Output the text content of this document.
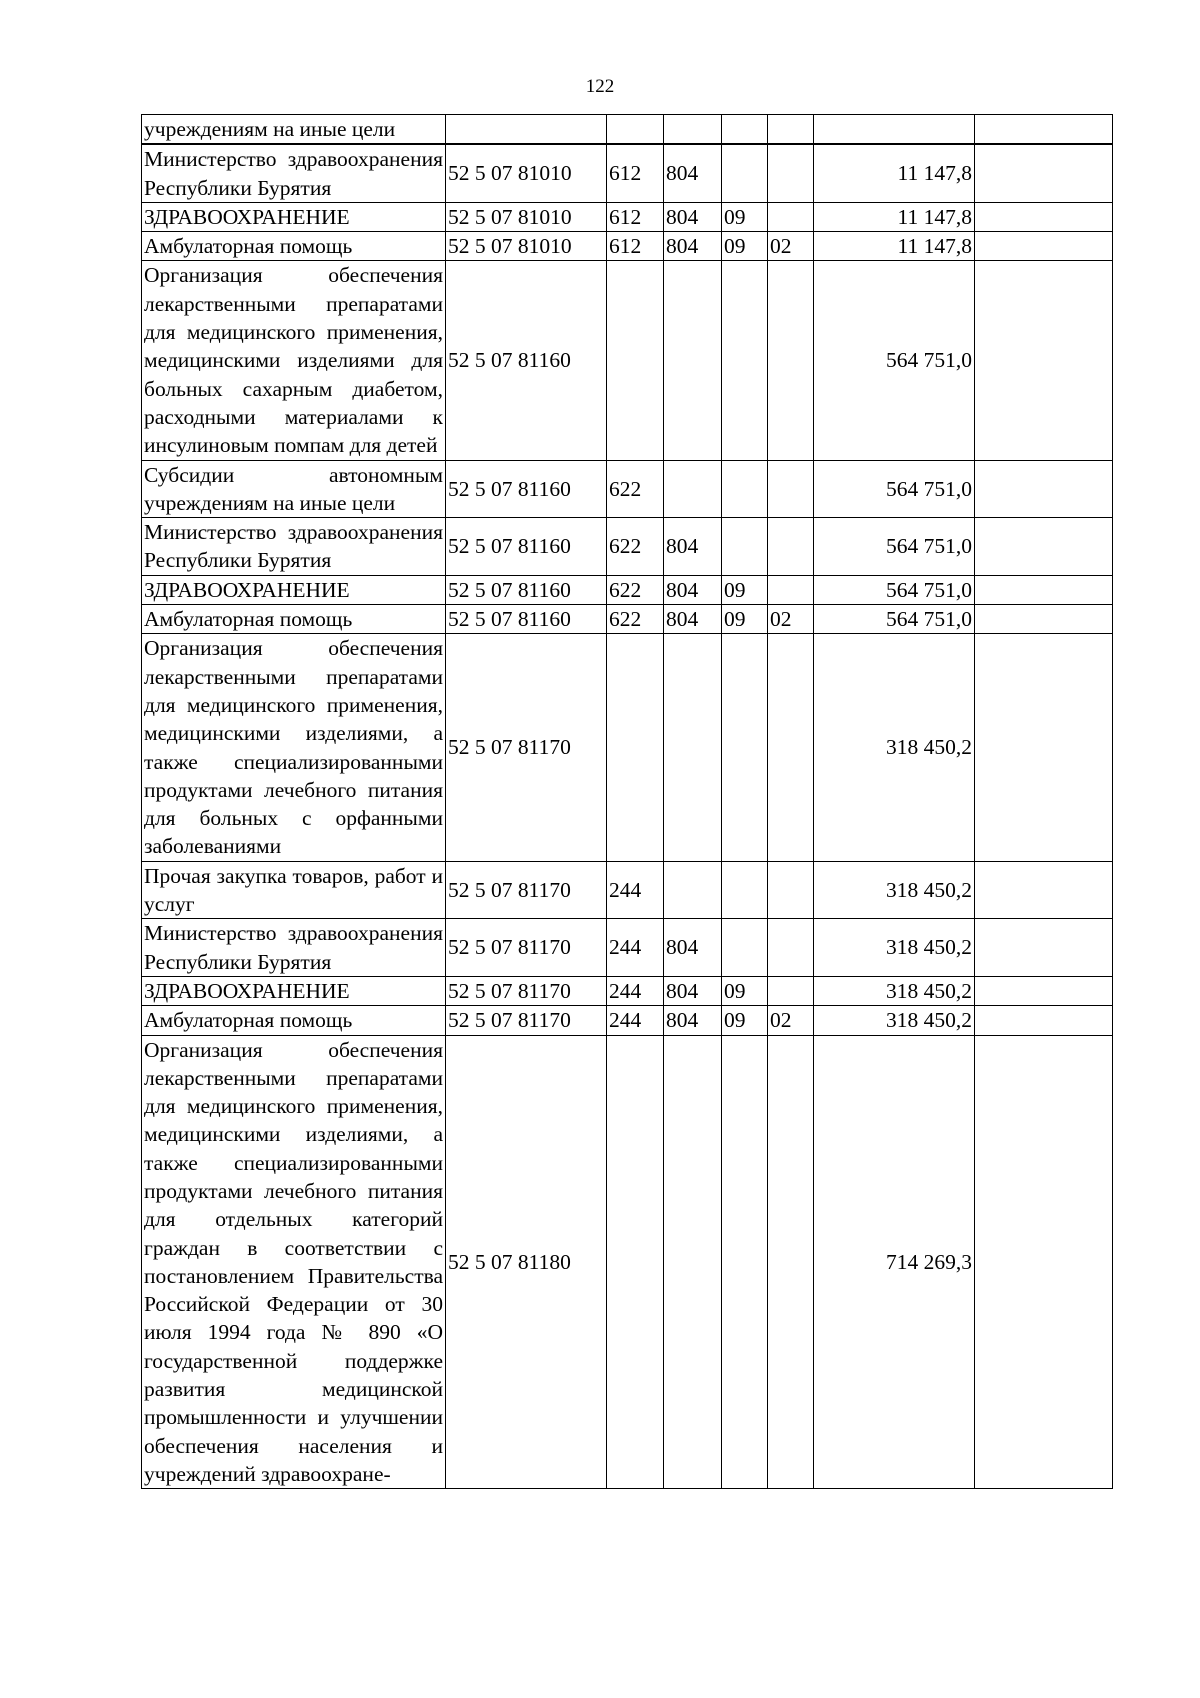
122
учреждениям на иные цели							
Министерство здравоохранения Республики Бурятия	52 5 07 81010	612	804			11 147,8	
ЗДРАВООХРАНЕНИЕ	52 5 07 81010	612	804	09		11 147,8	
Амбулаторная помощь	52 5 07 81010	612	804	09	02	11 147,8	
Организация обеспечения лекарственными препаратами для медицинского применения, медицинскими изделиями для больных сахарным диабетом, расходными материалами к инсулиновым помпам для детей	52 5 07 81160					564 751,0	
Субсидии автономным учреждениям на иные цели	52 5 07 81160	622				564 751,0	
Министерство здравоохранения Республики Бурятия	52 5 07 81160	622	804			564 751,0	
ЗДРАВООХРАНЕНИЕ	52 5 07 81160	622	804	09		564 751,0	
Амбулаторная помощь	52 5 07 81160	622	804	09	02	564 751,0	
Организация обеспечения лекарственными препаратами для медицинского применения, медицинскими изделиями, а также специализированными продуктами лечебного питания для больных с орфанными заболеваниями	52 5 07 81170					318 450,2	
Прочая закупка товаров, работ и услуг	52 5 07 81170	244				318 450,2	
Министерство здравоохранения Республики Бурятия	52 5 07 81170	244	804			318 450,2	
ЗДРАВООХРАНЕНИЕ	52 5 07 81170	244	804	09		318 450,2	
Амбулаторная помощь	52 5 07 81170	244	804	09	02	318 450,2	
Организация обеспечения лекарственными препаратами для медицинского применения, медицинскими изделиями, а также специализированными продуктами лечебного питания для отдельных категорий граждан в соответствии с постановлением Правительства Российской Федерации от 30 июля 1994 года № 890 «О государственной поддержке развития медицинской промышленности и улучшении обеспечения населения и учреждений здравоохране-	52 5 07 81180					714 269,3	
